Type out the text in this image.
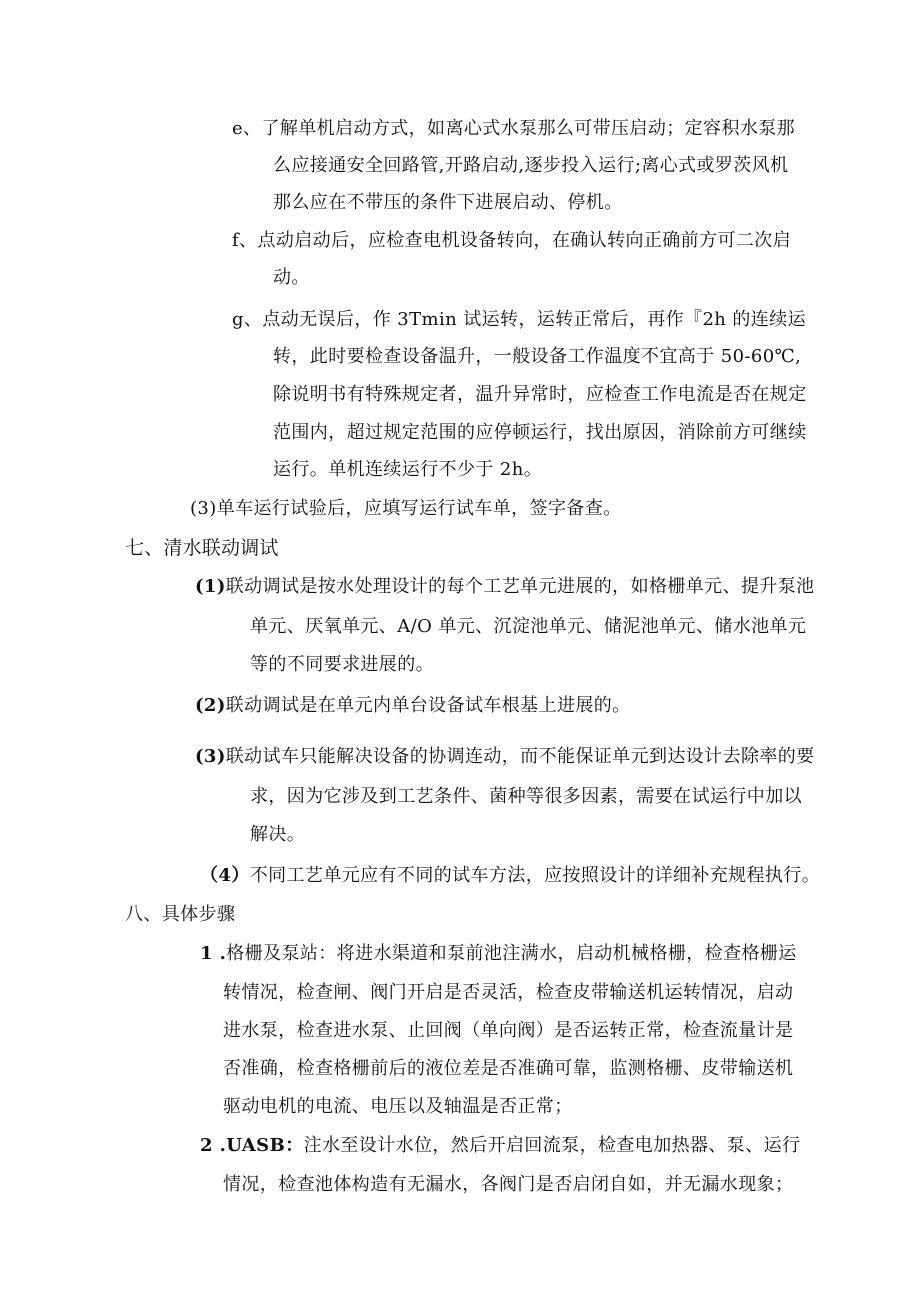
e、了解单机启动方式，如离心式水泵那么可带压启动；定容积水泵那
么应接通安全回路管,开路启动,逐步投入运行;离心式或罗茨风机
那么应在不带压的条件下进展启动、停机。
f、点动启动后，应检查电机设备转向，在确认转向正确前方可二次启
动。
g、点动无误后，作 3Tmin 试运转，运转正常后，再作『2h 的连续运
转，此时要检查设备温升，一般设备工作温度不宜高于 50-60℃,
除说明书有特殊规定者，温升异常时，应检查工作电流是否在规定
范围内，超过规定范围的应停顿运行，找出原因，消除前方可继续
运行。单机连续运行不少于 2h。
(3)单车运行试验后，应填写运行试车单，签字备查。
七、清水联动调试
(1)联动调试是按水处理设计的每个工艺单元进展的，如格栅单元、提升泵池
单元、厌氧单元、A/O 单元、沉淀池单元、储泥池单元、储水池单元
等的不同要求进展的。
(2)联动调试是在单元内单台设备试车根基上进展的。
(3)联动试车只能解决设备的协调连动，而不能保证单元到达设计去除率的要
求，因为它涉及到工艺条件、菌种等很多因素，需要在试运行中加以
解决。
（4）不同工艺单元应有不同的试车方法，应按照设计的详细补充规程执行。
八、具体步骤
1 .格栅及泵站：将进水渠道和泵前池注满水，启动机械格栅，检查格栅运
转情况，检查闸、阀门开启是否灵活，检查皮带输送机运转情况，启动
进水泵，检查进水泵、止回阀（单向阀）是否运转正常，检查流量计是
否准确，检查格栅前后的液位差是否准确可靠，监测格栅、皮带输送机
驱动电机的电流、电压以及轴温是否正常；
2 .UASB：注水至设计水位，然后开启回流泵，检查电加热器、泵、运行
情况，检查池体构造有无漏水，各阀门是否启闭自如，并无漏水现象；
